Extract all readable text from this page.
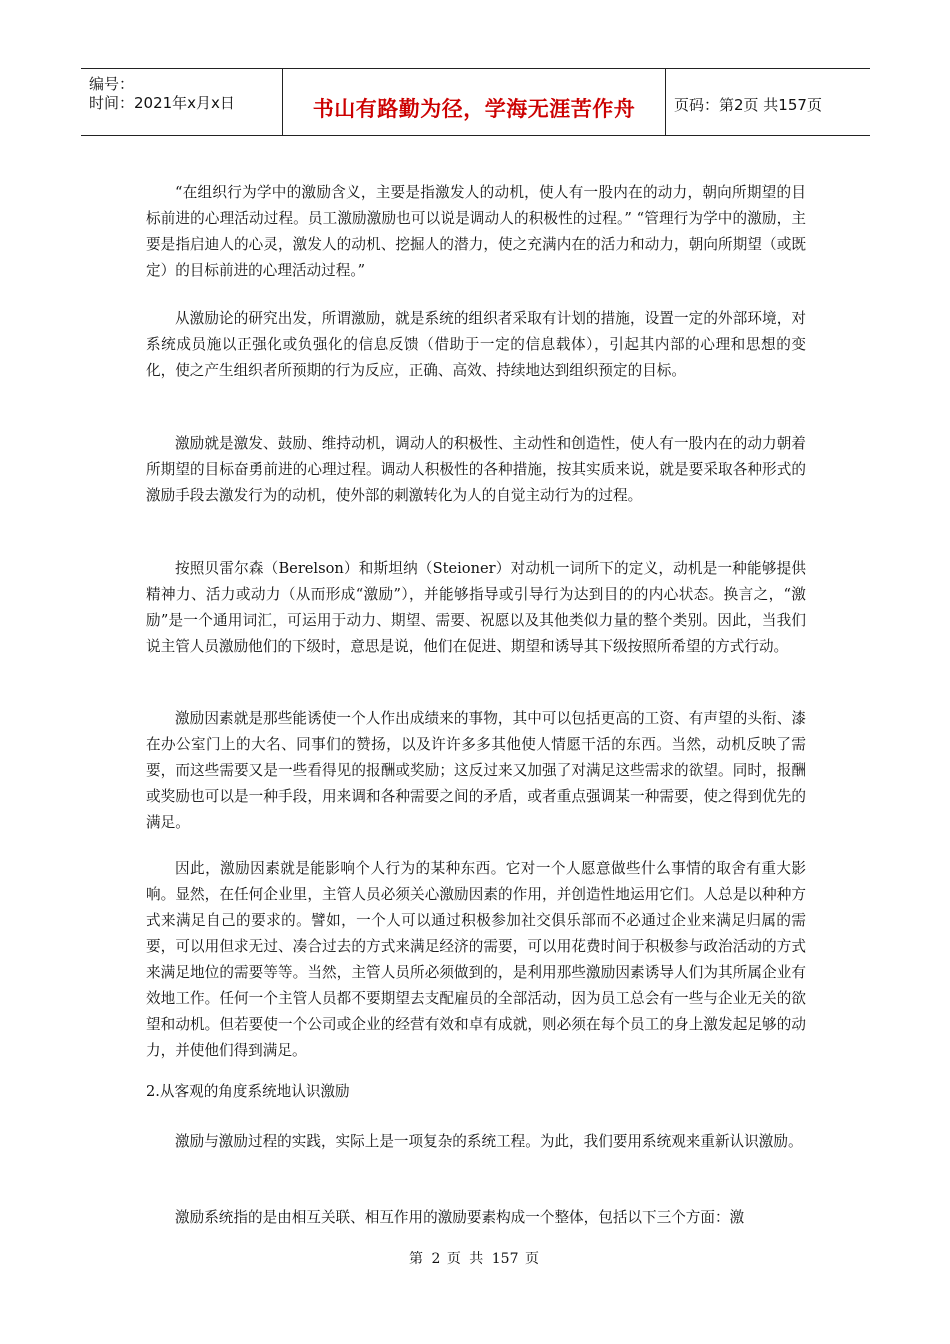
编号：
时间：2021年x月x日	书山有路勤为径，学海无涯苦作舟	页码：第2页 共157页

“在组织行为学中的激励含义，主要是指激发人的动机，使人有一股内在的动力，朝向所期望的目标前进的心理活动过程。员工激励激励也可以说是调动人的积极性的过程。” “管理行为学中的激励，主要是指启迪人的心灵，激发人的动机、挖掘人的潜力，使之充满内在的活力和动力，朝向所期望（或既定）的目标前进的心理活动过程。”

从激励论的研究出发，所谓激励，就是系统的组织者采取有计划的措施，设置一定的外部环境，对系统成员施以正强化或负强化的信息反馈（借助于一定的信息载体），引起其内部的心理和思想的变化，使之产生组织者所预期的行为反应，正确、高效、持续地达到组织预定的目标。

激励就是激发、鼓励、维持动机，调动人的积极性、主动性和创造性，使人有一股内在的动力朝着所期望的目标奋勇前进的心理过程。调动人积极性的各种措施，按其实质来说，就是要采取各种形式的激励手段去激发行为的动机，使外部的刺激转化为人的自觉主动行为的过程。

按照贝雷尔森（Berelson）和斯坦纳（Steioner）对动机一词所下的定义，动机是一种能够提供精神力、活力或动力（从而形成“激励”），并能够指导或引导行为达到目的的内心状态。换言之，“激励”是一个通用词汇，可运用于动力、期望、需要、祝愿以及其他类似力量的整个类别。因此，当我们说主管人员激励他们的下级时，意思是说，他们在促进、期望和诱导其下级按照所希望的方式行动。

激励因素就是那些能诱使一个人作出成绩来的事物，其中可以包括更高的工资、有声望的头衔、漆在办公室门上的大名、同事们的赞扬，以及许许多多其他使人情愿干活的东西。当然，动机反映了需要，而这些需要又是一些看得见的报酬或奖励；这反过来又加强了对满足这些需求的欲望。同时，报酬或奖励也可以是一种手段，用来调和各种需要之间的矛盾，或者重点强调某一种需要，使之得到优先的满足。

因此，激励因素就是能影响个人行为的某种东西。它对一个人愿意做些什么事情的取舍有重大影响。显然，在任何企业里，主管人员必须关心激励因素的作用，并创造性地运用它们。人总是以种种方式来满足自己的要求的。譬如，一个人可以通过积极参加社交俱乐部而不必通过企业来满足归属的需要，可以用但求无过、凑合过去的方式来满足经济的需要，可以用花费时间于积极参与政治活动的方式来满足地位的需要等等。当然，主管人员所必须做到的，是利用那些激励因素诱导人们为其所属企业有效地工作。任何一个主管人员都不要期望去支配雇员的全部活动，因为员工总会有一些与企业无关的欲望和动机。但若要使一个公司或企业的经营有效和卓有成就，则必须在每个员工的身上激发起足够的动力，并使他们得到满足。

2.从客观的角度系统地认识激励

激励与激励过程的实践，实际上是一项复杂的系统工程。为此，我们要用系统观来重新认识激励。

激励系统指的是由相互关联、相互作用的激励要素构成一个整体，包括以下三个方面：激

第 2 页 共 157 页
